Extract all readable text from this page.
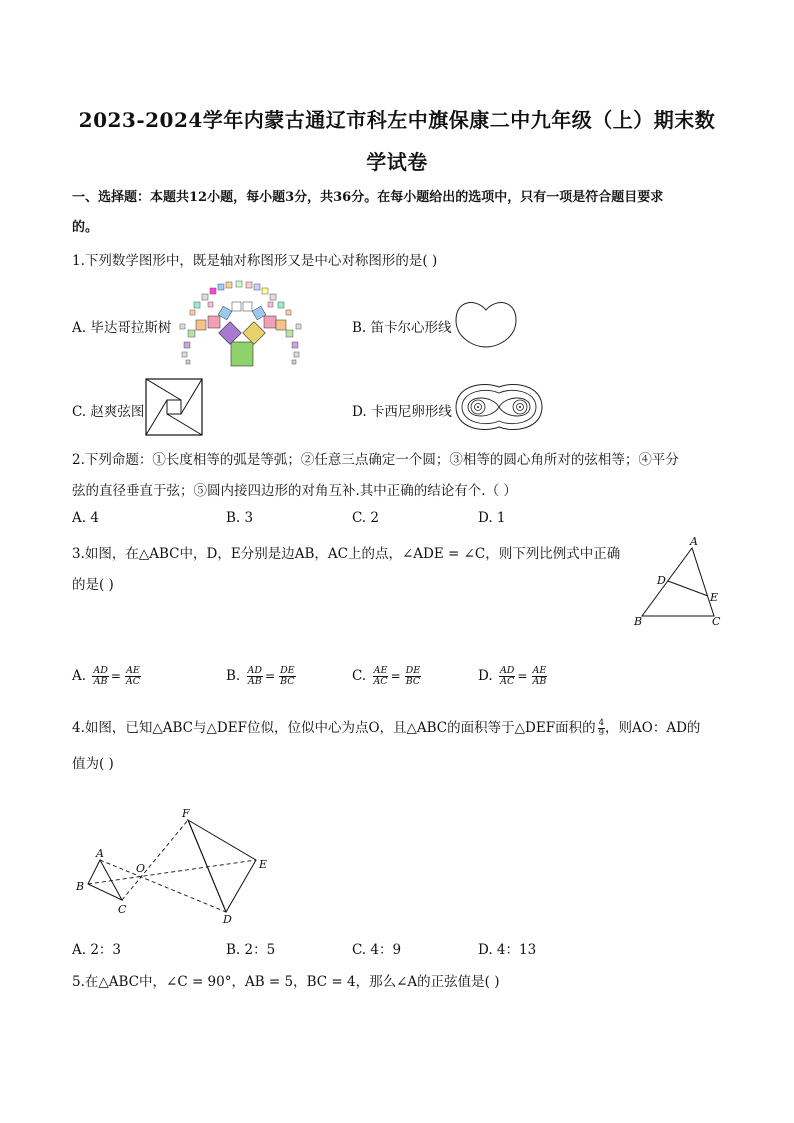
2023-2024学年内蒙古通辽市科左中旗保康二中九年级（上）期末数
学试卷
一、选择题：本题共12小题，每小题3分，共36分。在每小题给出的选项中，只有一项是符合题目要求
的。
1.下列数学图形中，既是轴对称图形又是中心对称图形的是( )
A. 毕达哥拉斯树	B. 笛卡尔心形线
C. 赵爽弦图	D. 卡西尼卵形线
2.下列命题：①长度相等的弧是等弧；②任意三点确定一个圆；③相等的圆心角所对的弦相等；④平分
弦的直径垂直于弦；⑤圆内接四边形的对角互补.其中正确的结论有个.（ ）
A. 4	B. 3	C. 2	D. 1
3.如图，在△ABC中，D，E分别是边AB，AC上的点，∠ADE = ∠C，则下列比例式中正确
的是( )
A
D
E
B	C
A. $\frac{AD}{AB} = \frac{AE}{AC}$	B. $\frac{AD}{AB} = \frac{DE}{BC}$	C. $\frac{AE}{AC} = \frac{DE}{BC}$	D. $\frac{AD}{AC} = \frac{AE}{AB}$
4.如图，已知△ABC与△DEF位似，位似中心为点O，且△ABC的面积等于△DEF面积的 $\frac{4}{9}$ ，则AO：AD的
值为( )
F
A
O	E
B
C
D
A. 2：3	B. 2：5	C. 4：9	D. 4：13
5.在△ABC中，∠C = 90°，AB = 5，BC = 4，那么∠A的正弦值是( )
